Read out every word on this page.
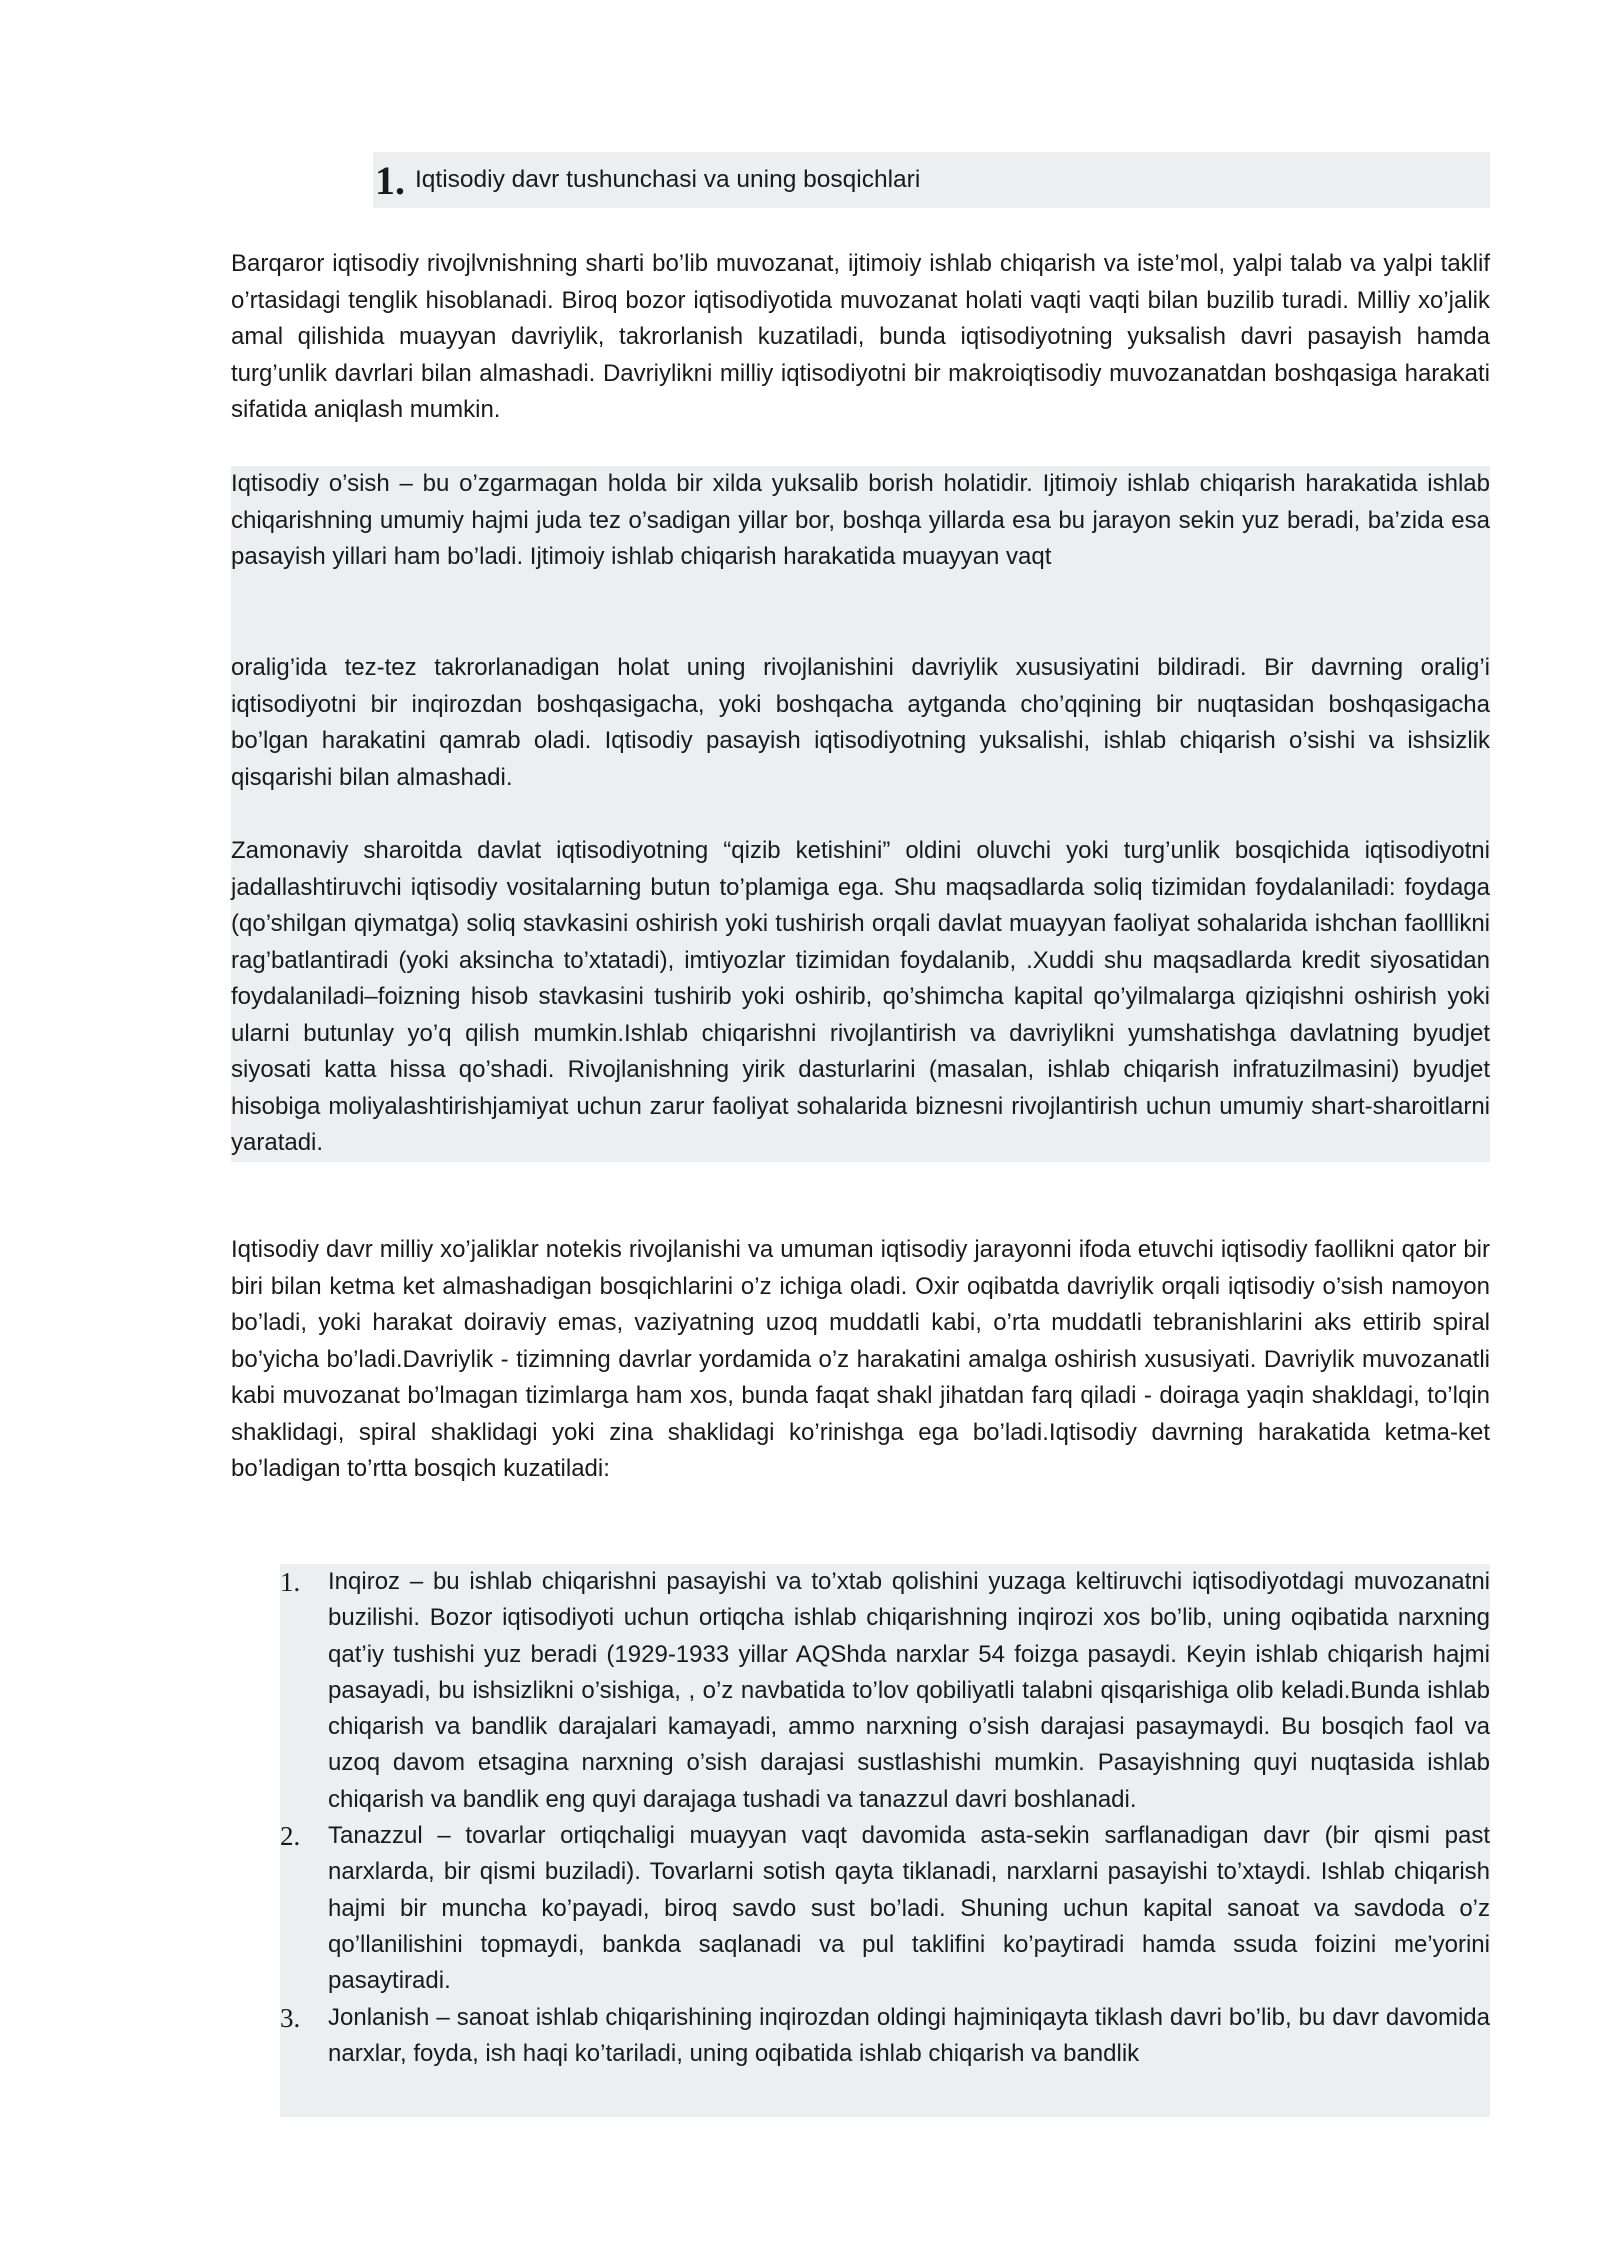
1. Iqtisodiy davr tushunchasi va uning bosqichlari

Barqaror iqtisodiy rivojlvnishning sharti bo’lib muvozanat, ijtimoiy ishlab chiqarish va iste’mol, yalpi talab va yalpi taklif o’rtasidagi tenglik hisoblanadi. Biroq bozor iqtisodiyotida muvozanat holati vaqti vaqti bilan buzilib turadi. Milliy xo’jalik amal qilishida muayyan davriylik, takrorlanish kuzatiladi, bunda iqtisodiyotning yuksalish davri pasayish hamda turg’unlik davrlari bilan almashadi. Davriylikni milliy iqtisodiyotni bir makroiqtisodiy muvozanatdan boshqasiga harakati sifatida aniqlash mumkin.

Iqtisodiy o’sish – bu o’zgarmagan holda bir xilda yuksalib borish holatidir. Ijtimoiy ishlab chiqarish harakatida ishlab chiqarishning umumiy hajmi juda tez o’sadigan yillar bor, boshqa yillarda esa bu jarayon sekin yuz beradi, ba’zida esa pasayish yillari ham bo’ladi. Ijtimoiy ishlab chiqarish harakatida muayyan vaqt

oralig’ida tez-tez takrorlanadigan holat uning rivojlanishini davriylik xususiyatini bildiradi. Bir davrning oralig’i iqtisodiyotni bir inqirozdan boshqasigacha, yoki boshqacha aytganda cho’qqining bir nuqtasidan boshqasigacha bo’lgan harakatini qamrab oladi. Iqtisodiy pasayish iqtisodiyotning yuksalishi, ishlab chiqarish o’sishi va ishsizlik qisqarishi bilan almashadi.

Zamonaviy sharoitda davlat iqtisodiyotning “qizib ketishini” oldini oluvchi yoki turg’unlik bosqichida iqtisodiyotni jadallashtiruvchi iqtisodiy vositalarning butun to’plamiga ega. Shu maqsadlarda soliq tizimidan foydalaniladi: foydaga (qo’shilgan qiymatga) soliq stavkasini oshirish yoki tushirish orqali davlat muayyan faoliyat sohalarida ishchan faolllikni rag’batlantiradi (yoki aksincha to’xtatadi), imtiyozlar tizimidan foydalanib, .Xuddi shu maqsadlarda kredit siyosatidan foydalaniladi–foizning hisob stavkasini tushirib yoki oshirib, qo’shimcha kapital qo’yilmalarga qiziqishni oshirish yoki ularni butunlay yo’q qilish mumkin.Ishlab chiqarishni rivojlantirish va davriylikni yumshatishga davlatning byudjet siyosati katta hissa qo’shadi. Rivojlanishning yirik dasturlarini (masalan, ishlab chiqarish infratuzilmasini) byudjet hisobiga moliyalashtirishjamiyat uchun zarur faoliyat sohalarida biznesni rivojlantirish uchun umumiy shart-sharoitlarni yaratadi.

Iqtisodiy davr milliy xo’jaliklar notekis rivojlanishi va umuman iqtisodiy jarayonni ifoda etuvchi iqtisodiy faollikni qator bir biri bilan ketma ket almashadigan bosqichlarini o’z ichiga oladi. Oxir oqibatda davriylik orqali iqtisodiy o’sish namoyon bo’ladi, yoki harakat doiraviy emas, vaziyatning uzoq muddatli kabi, o’rta muddatli tebranishlarini aks ettirib spiral bo’yicha bo’ladi.Davriylik - tizimning davrlar yordamida o’z harakatini amalga oshirish xususiyati. Davriylik muvozanatli kabi muvozanat bo’lmagan tizimlarga ham xos, bunda faqat shakl jihatdan farq qiladi - doiraga yaqin shakldagi, to’lqin shaklidagi, spiral shaklidagi yoki zina shaklidagi ko’rinishga ega bo’ladi.Iqtisodiy davrning harakatida ketma-ket bo’ladigan to’rtta bosqich kuzatiladi:

1. Inqiroz – bu ishlab chiqarishni pasayishi va to’xtab qolishini yuzaga keltiruvchi iqtisodiyotdagi muvozanatni buzilishi. Bozor iqtisodiyoti uchun ortiqcha ishlab chiqarishning inqirozi xos bo’lib, uning oqibatida narxning qat’iy tushishi yuz beradi (1929-1933 yillar AQShda narxlar 54 foizga pasaydi. Keyin ishlab chiqarish hajmi pasayadi, bu ishsizlikni o’sishiga, , o’z navbatida to’lov qobiliyatli talabni qisqarishiga olib keladi.Bunda ishlab chiqarish va bandlik darajalari kamayadi, ammo narxning o’sish darajasi pasaymaydi. Bu bosqich faol va uzoq davom etsagina narxning o’sish darajasi sustlashishi mumkin. Pasayishning quyi nuqtasida ishlab chiqarish va bandlik eng quyi darajaga tushadi va tanazzul davri boshlanadi.
2. Tanazzul – tovarlar ortiqchaligi muayyan vaqt davomida asta-sekin sarflanadigan davr (bir qismi past narxlarda, bir qismi buziladi). Tovarlarni sotish qayta tiklanadi, narxlarni pasayishi to’xtaydi. Ishlab chiqarish hajmi bir muncha ko’payadi, biroq savdo sust bo’ladi. Shuning uchun kapital sanoat va savdoda o’z qo’llanilishini topmaydi, bankda saqlanadi va pul taklifini ko’paytiradi hamda ssuda foizini me’yorini pasaytiradi.
3. Jonlanish – sanoat ishlab chiqarishining inqirozdan oldingi hajminiqayta tiklash davri bo’lib, bu davr davomida narxlar, foyda, ish haqi ko’tariladi, uning oqibatida ishlab chiqarish va bandlik
